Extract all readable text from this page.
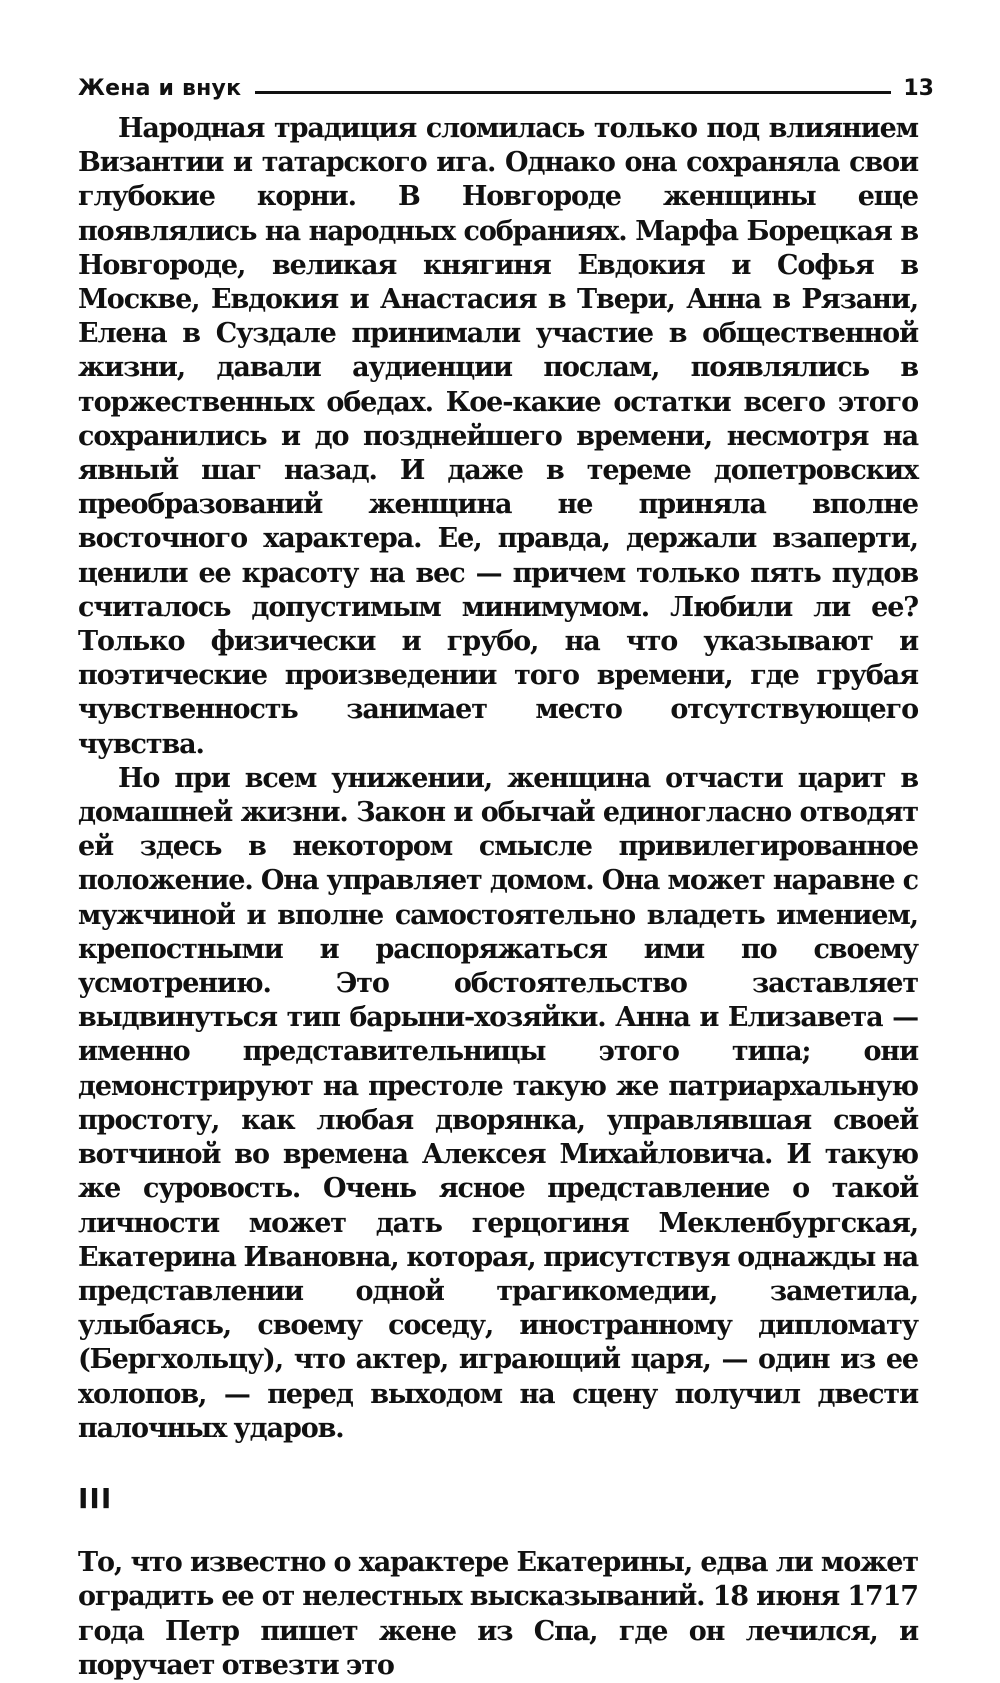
Жена и внук	13

Народная традиция сломилась только под влиянием Византии и татарского ига. Однако она сохраняла свои глубокие корни. В Новгороде женщины еще появлялись на народных собраниях. Марфа Борецкая в Новгороде, великая княгиня Евдокия и Софья в Москве, Евдокия и Анастасия в Твери, Анна в Рязани, Елена в Суздале принимали участие в общественной жизни, давали аудиенции послам, появлялись в торжественных обедах. Кое-какие остатки всего этого сохранились и до позднейшего времени, несмотря на явный шаг назад. И даже в тереме допетровских преобразований женщина не приняла вполне восточного характера. Ее, правда, держали взаперти, ценили ее красоту на вес — причем только пять пудов считалось допустимым минимумом. Любили ли ее? Только физически и грубо, на что указывают и поэтические произведении того времени, где грубая чувственность занимает место отсутствующего чувства.

Но при всем унижении, женщина отчасти царит в домашней жизни. Закон и обычай единогласно отводят ей здесь в некотором смысле привилегированное положение. Она управляет домом. Она может наравне с мужчиной и вполне самостоятельно владеть имением, крепостными и распоряжаться ими по своему усмотрению. Это обстоятельство заставляет выдвинуться тип барыни-хозяйки. Анна и Елизавета — именно представительницы этого типа; они демонстрируют на престоле такую же патриархальную простоту, как любая дворянка, управлявшая своей вотчиной во времена Алексея Михайловича. И такую же суровость. Очень ясное представление о такой личности может дать герцогиня Мекленбургская, Екатерина Ивановна, которая, присутствуя однажды на представлении одной трагикомедии, заметила, улыбаясь, своему соседу, иностранному дипломату (Бергхольцу), что актер, играющий царя, — один из ее холопов, — перед выходом на сцену получил двести палочных ударов.

III

То, что известно о характере Екатерины, едва ли может оградить ее от нелестных высказываний. 18 июня 1717 года Петр пишет жене из Спа, где он лечился, и поручает отвезти это
